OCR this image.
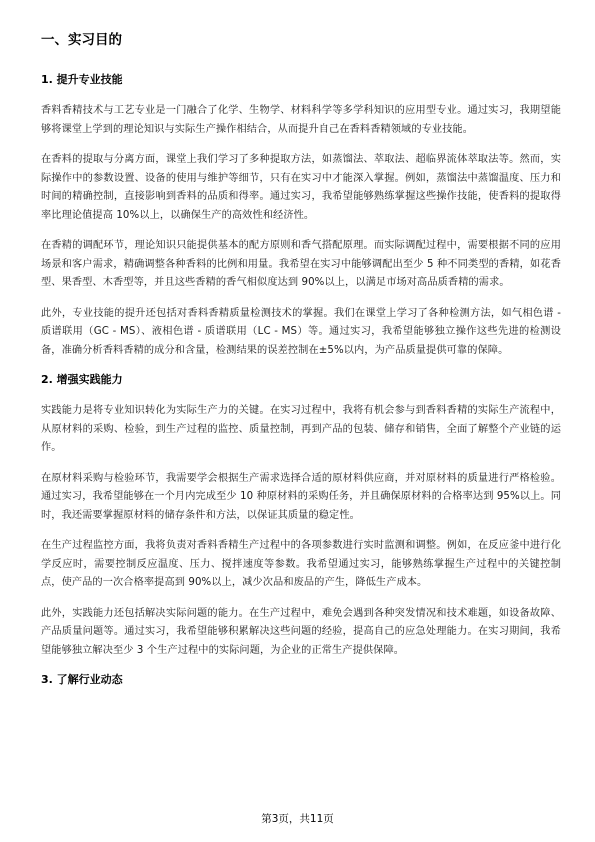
一、实习目的
1. 提升专业技能

香料香精技术与工艺专业是一门融合了化学、生物学、材料科学等多学科知识的应用型专业。通过实习，我期望能够将课堂上学到的理论知识与实际生产操作相结合，从而提升自己在香料香精领域的专业技能。

在香料的提取与分离方面，课堂上我们学习了多种提取方法，如蒸馏法、萃取法、超临界流体萃取法等。然而，实际操作中的参数设置、设备的使用与维护等细节，只有在实习中才能深入掌握。例如，蒸馏法中蒸馏温度、压力和时间的精确控制，直接影响到香料的品质和得率。通过实习，我希望能够熟练掌握这些操作技能，使香料的提取得率比理论值提高 10%以上，以确保生产的高效性和经济性。

在香精的调配环节，理论知识只能提供基本的配方原则和香气搭配原理。而实际调配过程中，需要根据不同的应用场景和客户需求，精确调整各种香料的比例和用量。我希望在实习中能够调配出至少 5 种不同类型的香精，如花香型、果香型、木香型等，并且这些香精的香气相似度达到 90%以上，以满足市场对高品质香精的需求。

此外，专业技能的提升还包括对香料香精质量检测技术的掌握。我们在课堂上学习了各种检测方法，如气相色谱 - 质谱联用（GC - MS）、液相色谱 - 质谱联用（LC - MS）等。通过实习，我希望能够独立操作这些先进的检测设备，准确分析香料香精的成分和含量，检测结果的误差控制在±5%以内，为产品质量提供可靠的保障。

2. 增强实践能力

实践能力是将专业知识转化为实际生产力的关键。在实习过程中，我将有机会参与到香料香精的实际生产流程中，从原材料的采购、检验，到生产过程的监控、质量控制，再到产品的包装、储存和销售，全面了解整个产业链的运作。

在原材料采购与检验环节，我需要学会根据生产需求选择合适的原材料供应商，并对原材料的质量进行严格检验。通过实习，我希望能够在一个月内完成至少 10 种原材料的采购任务，并且确保原材料的合格率达到 95%以上。同时，我还需要掌握原材料的储存条件和方法，以保证其质量的稳定性。

在生产过程监控方面，我将负责对香料香精生产过程中的各项参数进行实时监测和调整。例如，在反应釜中进行化学反应时，需要控制反应温度、压力、搅拌速度等参数。我希望通过实习，能够熟练掌握生产过程中的关键控制点，使产品的一次合格率提高到 90%以上，减少次品和废品的产生，降低生产成本。

此外，实践能力还包括解决实际问题的能力。在生产过程中，难免会遇到各种突发情况和技术难题，如设备故障、产品质量问题等。通过实习，我希望能够积累解决这些问题的经验，提高自己的应急处理能力。在实习期间，我希望能够独立解决至少 3 个生产过程中的实际问题，为企业的正常生产提供保障。

3. 了解行业动态
第3页，共11页
